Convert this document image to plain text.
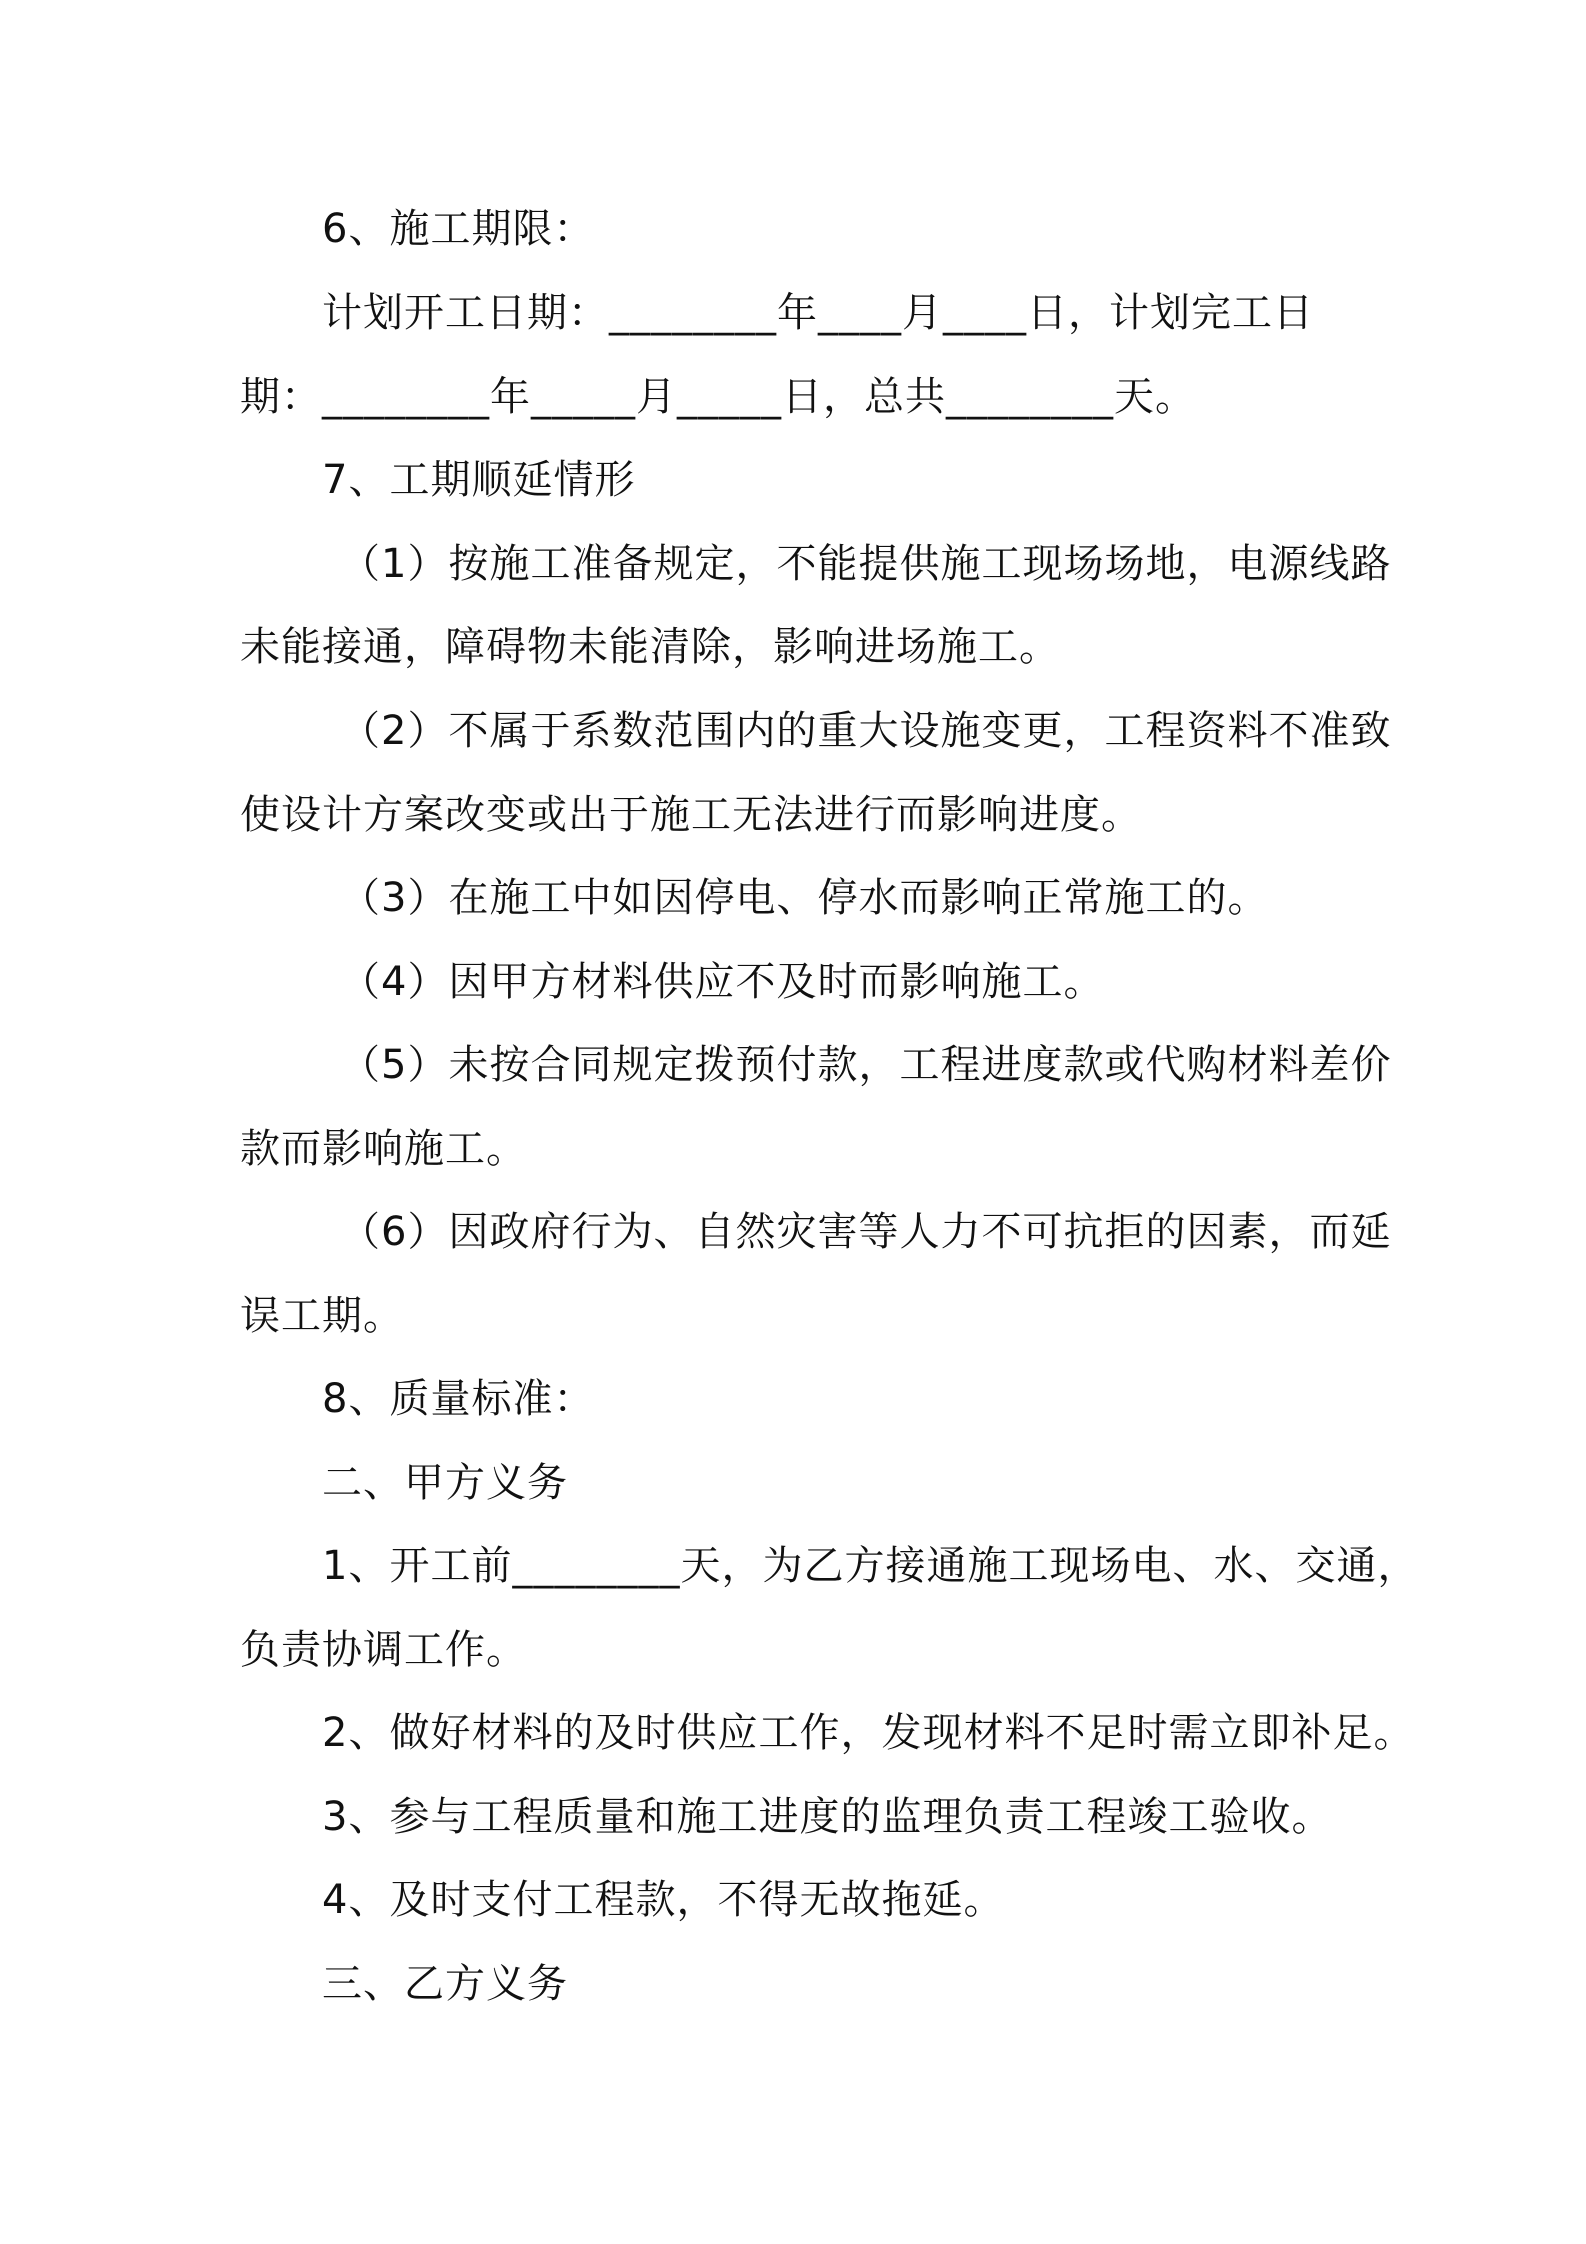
6、施工期限：
计划开工日期：________年____月____日，计划完工日
期：________年_____月_____日，总共________天。
7、工期顺延情形
（1）按施工准备规定，不能提供施工现场场地，电源线路
未能接通，障碍物未能清除，影响进场施工。
（2）不属于系数范围内的重大设施变更，工程资料不准致
使设计方案改变或出于施工无法进行而影响进度。
（3）在施工中如因停电、停水而影响正常施工的。
（4）因甲方材料供应不及时而影响施工。
（5）未按合同规定拨预付款，工程进度款或代购材料差价
款而影响施工。
（6）因政府行为、自然灾害等人力不可抗拒的因素，而延
误工期。
8、质量标准：
二、甲方义务
1、开工前________天，为乙方接通施工现场电、水、交通，
负责协调工作。
2、做好材料的及时供应工作，发现材料不足时需立即补足。
3、参与工程质量和施工进度的监理负责工程竣工验收。
4、及时支付工程款，不得无故拖延。
三、乙方义务
